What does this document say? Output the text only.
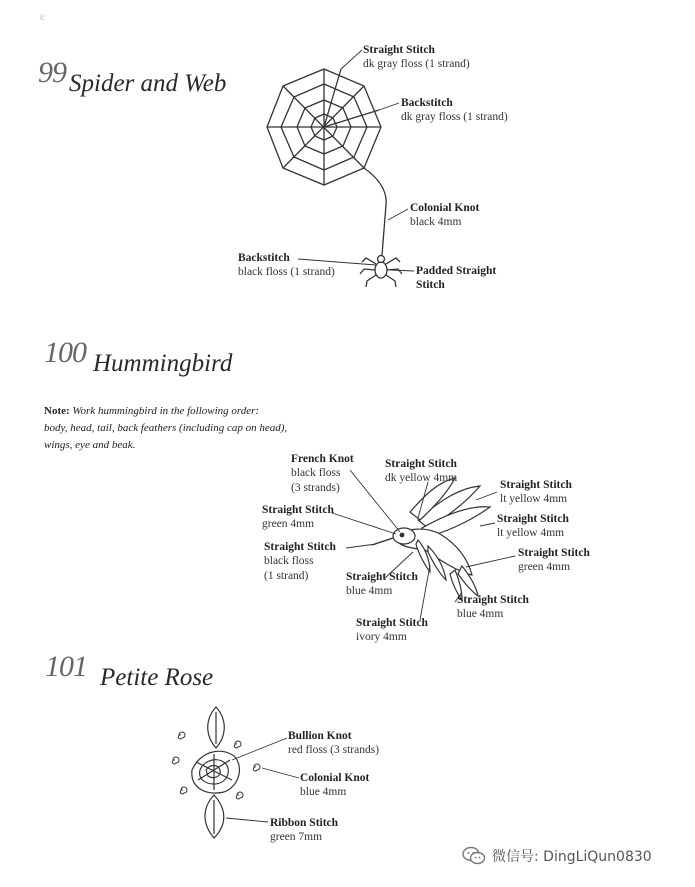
ε
99 Spider and Web
Straight Stitch
dk gray floss (1 strand)
Backstitch
dk gray floss (1 strand)
Colonial Knot
black 4mm
Backstitch
black floss (1 strand)	Padded Straight
Stitch
100 Hummingbird
Note: Work hummingbird in the following order:
body, head, tail, back feathers (including cap on head),
wings, eye and beak.
French Knot
black floss
(3 strands)
Straight Stitch
dk yellow 4mm
Straight Stitch
lt yellow 4mm
Straight Stitch
green 4mm	Straight Stitch
lt yellow 4mm
Straight Stitch
black floss
(1 strand)
Straight Stitch
green 4mm
Straight Stitch
blue 4mm
Straight Stitch
blue 4mm
Straight Stitch
ivory 4mm
101 Petite Rose
Bullion Knot
red floss (3 strands)
Colonial Knot
blue 4mm
Ribbon Stitch
green 7mm
微信号: DingLiQun0830
